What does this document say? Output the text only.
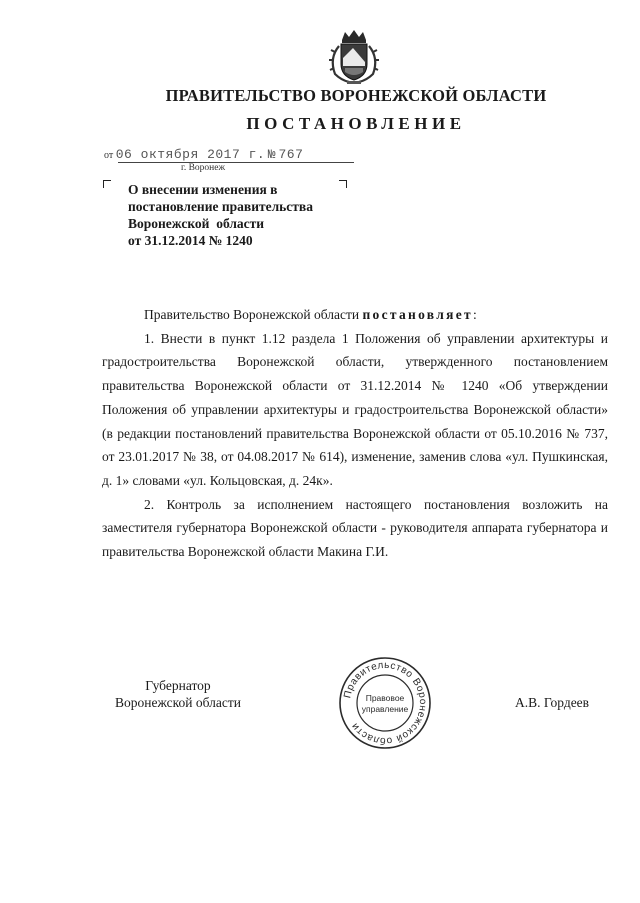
ПРАВИТЕЛЬСТВО ВОРОНЕЖСКОЙ ОБЛАСТИ
ПОСТАНОВЛЕНИЕ
от 06 октября 2017 г. № 767
г. Воронеж
О внесении изменения в
постановление правительства
Воронежской  области
от 31.12.2014 № 1240

Правительство Воронежской области постановляет:

1. Внести в пункт 1.12 раздела 1 Положения об управлении архитектуры и градостроительства Воронежской области, утвержденного постановлением правительства Воронежской области от 31.12.2014 № 1240 «Об утверждении Положения об управлении архитектуры и градостроительства Воронежской области» (в редакции постановлений правительства Воронежской области от 05.10.2016 № 737, от 23.01.2017 № 38, от 04.08.2017 № 614), изменение, заменив слова «ул. Пушкинская, д. 1» словами «ул. Кольцовская, д. 24к».

2. Контроль за исполнением настоящего постановления возложить на заместителя губернатора Воронежской области - руководителя аппарата губернатора и правительства Воронежской области Макина Г.И.

Губернатор
Воронежской области
Правительство Воронежской области
Правовое
управление	А.В. Гордеев
